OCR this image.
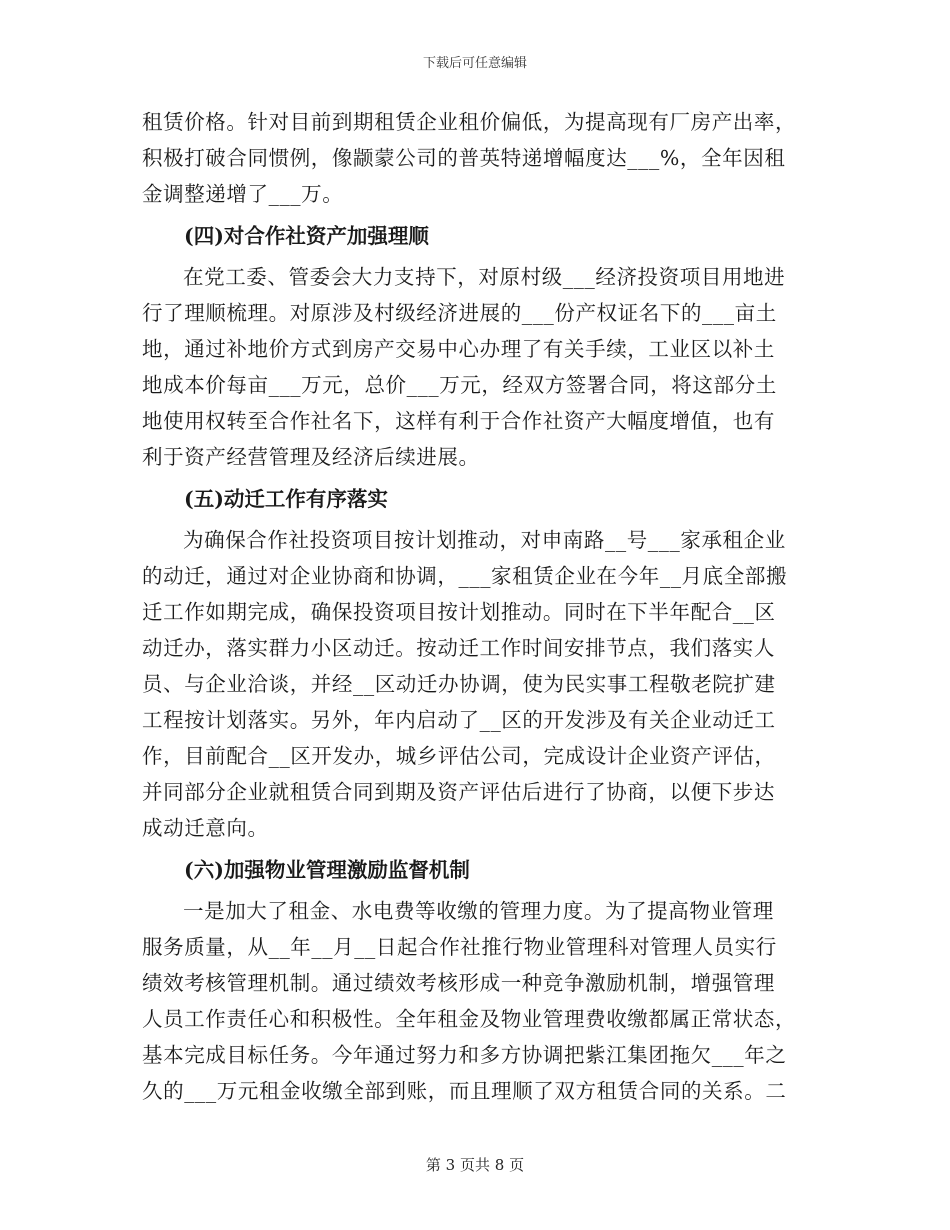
下载后可任意编辑
租赁价格。针对目前到期租赁企业租价偏低，为提高现有厂房产出率，
积极打破合同惯例，像颛蒙公司的普英特递增幅度达___%，全年因租
金调整递增了___万。
(四)对合作社资产加强理顺
在党工委、管委会大力支持下，对原村级___经济投资项目用地进
行了理顺梳理。对原涉及村级经济进展的___份产权证名下的___亩土
地，通过补地价方式到房产交易中心办理了有关手续，工业区以补土
地成本价每亩___万元，总价___万元，经双方签署合同，将这部分土
地使用权转至合作社名下，这样有利于合作社资产大幅度增值，也有
利于资产经营管理及经济后续进展。
(五)动迁工作有序落实
为确保合作社投资项目按计划推动，对申南路__号___家承租企业
的动迁，通过对企业协商和协调，___家租赁企业在今年__月底全部搬
迁工作如期完成，确保投资项目按计划推动。同时在下半年配合__区
动迁办，落实群力小区动迁。按动迁工作时间安排节点，我们落实人
员、与企业洽谈，并经__区动迁办协调，使为民实事工程敬老院扩建
工程按计划落实。另外，年内启动了__区的开发涉及有关企业动迁工
作，目前配合__区开发办，城乡评估公司，完成设计企业资产评估，
并同部分企业就租赁合同到期及资产评估后进行了协商，以便下步达
成动迁意向。
(六)加强物业管理激励监督机制
一是加大了租金、水电费等收缴的管理力度。为了提高物业管理
服务质量，从__年__月__日起合作社推行物业管理科对管理人员实行
绩效考核管理机制。通过绩效考核形成一种竞争激励机制，增强管理
人员工作责任心和积极性。全年租金及物业管理费收缴都属正常状态，
基本完成目标任务。今年通过努力和多方协调把紫江集团拖欠___年之
久的___万元租金收缴全部到账，而且理顺了双方租赁合同的关系。二
第 3 页共 8 页
